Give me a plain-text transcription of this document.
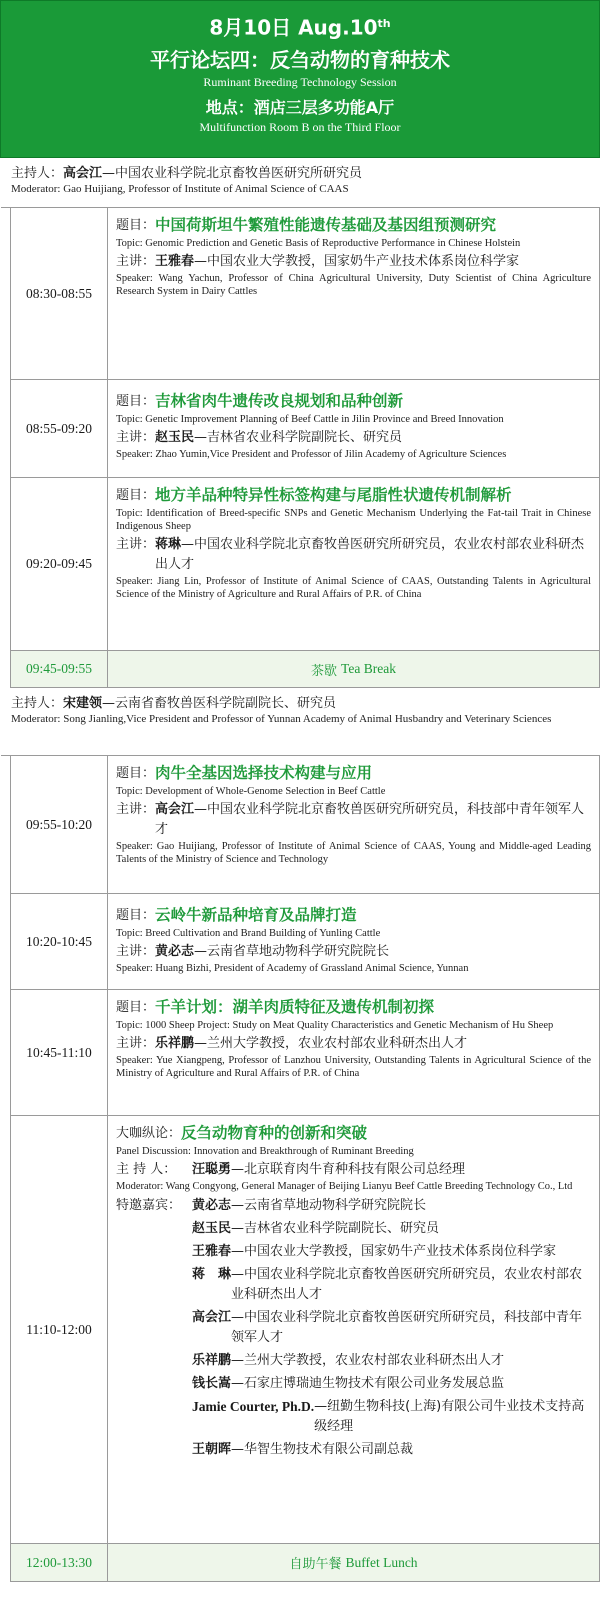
8月10日 Aug.10th
平行论坛四：反刍动物的育种技术
Ruminant Breeding Technology Session
地点：酒店三层多功能A厅
Multifunction Room B on the Third Floor
主持人：高会江—中国农业科学院北京畜牧兽医研究所研究员
Moderator: Gao Huijiang, Professor of Institute of Animal Science of CAAS
08:30-08:55
题目： 中国荷斯坦牛繁殖性能遗传基础及基因组预测研究
Topic: Genomic Prediction and Genetic Basis of Reproductive Performance in Chinese Holstein
主讲： 王雅春—中国农业大学教授，国家奶牛产业技术体系岗位科学家
Speaker: Wang Yachun, Professor of China Agricultural University, Duty Scientist of China Agriculture Research System in Dairy Cattles
08:55-09:20
题目： 吉林省肉牛遗传改良规划和品种创新
Topic: Genetic Improvement Planning of Beef Cattle in Jilin Province and Breed Innovation
主讲： 赵玉民—吉林省农业科学院副院长、研究员
Speaker: Zhao Yumin,Vice President and Professor of Jilin Academy of Agriculture Sciences
09:20-09:45
题目： 地方羊品种特异性标签构建与尾脂性状遗传机制解析
Topic: Identification of Breed-specific SNPs and Genetic Mechanism Underlying the Fat-tail Trait in Chinese Indigenous Sheep
主讲： 蒋琳—中国农业科学院北京畜牧兽医研究所研究员，农业农村部农业科研杰出人才
Speaker: Jiang Lin, Professor of Institute of Animal Science of CAAS, Outstanding Talents in Agricultural Science of the Ministry of Agriculture and Rural Affairs of P.R. of China
09:45-09:55	茶歇 Tea Break
主持人：宋建领—云南省畜牧兽医科学院副院长、研究员
Moderator: Song Jianling,Vice President and Professor of Yunnan Academy of Animal Husbandry and Veterinary Sciences
09:55-10:20
题目： 肉牛全基因选择技术构建与应用
Topic: Development of Whole-Genome Selection in Beef Cattle
主讲： 高会江—中国农业科学院北京畜牧兽医研究所研究员，科技部中青年领军人才
Speaker: Gao Huijiang, Professor of Institute of Animal Science of CAAS, Young and Middle-aged Leading Talents of the Ministry of Science and Technology
10:20-10:45
题目： 云岭牛新品种培育及品牌打造
Topic: Breed Cultivation and Brand Building of Yunling Cattle
主讲： 黄必志—云南省草地动物科学研究院院长
Speaker: Huang Bizhi, President of Academy of Grassland Animal Science, Yunnan
10:45-11:10
题目： 千羊计划：湖羊肉质特征及遗传机制初探
Topic: 1000 Sheep Project: Study on Meat Quality Characteristics and Genetic Mechanism of Hu Sheep
主讲： 乐祥鹏—兰州大学教授，农业农村部农业科研杰出人才
Speaker: Yue Xiangpeng, Professor of Lanzhou University, Outstanding Talents in Agricultural Science of the Ministry of Agriculture and Rural Affairs of P.R. of China
11:10-12:00
大咖纵论： 反刍动物育种的创新和突破
Panel Discussion: Innovation and Breakthrough of Ruminant Breeding
主 持 人：	汪聪勇—北京联育肉牛育种科技有限公司总经理
Moderator: Wang Congyong, General Manager of Beijing Lianyu Beef Cattle Breeding Technology Co., Ltd
特邀嘉宾： 黄必志 —云南省草地动物科学研究院院长
赵玉民 —吉林省农业科学院副院长、研究员
王雅春 —中国农业大学教授，国家奶牛产业技术体系岗位科学家
蒋　琳 —中国农业科学院北京畜牧兽医研究所研究员，农业农村部农业科研杰出人才
高会江 —中国农业科学院北京畜牧兽医研究所研究员，科技部中青年领军人才
乐祥鹏 —兰州大学教授，农业农村部农业科研杰出人才
钱长嵩 —石家庄博瑞迪生物技术有限公司业务发展总监
Jamie Courter, Ph.D. —纽勤生物科技(上海)有限公司牛业技术支持高级经理
王朝晖 —华智生物技术有限公司副总裁
12:00-13:30	自助午餐 Buffet Lunch
